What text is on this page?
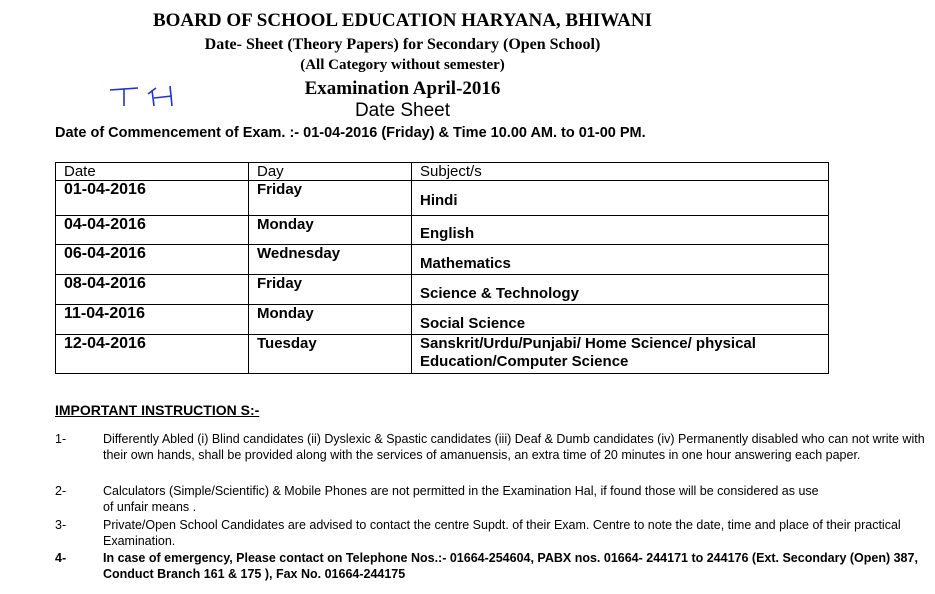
BOARD OF SCHOOL EDUCATION HARYANA, BHIWANI
Date- Sheet (Theory Papers) for Secondary (Open School)
(All Category without semester)
Examination April-2016
Date Sheet
Date of Commencement of Exam. :- 01-04-2016 (Friday) & Time 10.00 AM. to 01-00 PM.
Date	Day	Subject/s
01-04-2016	Friday	Hindi
04-04-2016	Monday	English
06-04-2016	Wednesday	Mathematics
08-04-2016	Friday	Science & Technology
11-04-2016	Monday	Social Science
12-04-2016	Tuesday	Sanskrit/Urdu/Punjabi/ Home Science/ physical Education/Computer Science
IMPORTANT INSTRUCTION S:-
1-	Differently Abled (i) Blind candidates (ii) Dyslexic & Spastic candidates (iii) Deaf & Dumb candidates (iv) Permanently disabled who can not write with their own hands, shall be provided along with the services of amanuensis, an extra time of 20 minutes in one hour answering each paper.
2-	Calculators (Simple/Scientific) & Mobile Phones are not permitted in the Examination Hal, if found those will be considered as use of unfair means .
3-	Private/Open School Candidates are advised to contact the centre Supdt. of their Exam. Centre to note the date, time and place of their practical Examination.
4-	In case of emergency, Please contact on Telephone Nos.:- 01664-254604, PABX nos. 01664- 244171 to 244176 (Ext. Secondary (Open) 387, Conduct Branch 161 & 175 ), Fax No. 01664-244175
